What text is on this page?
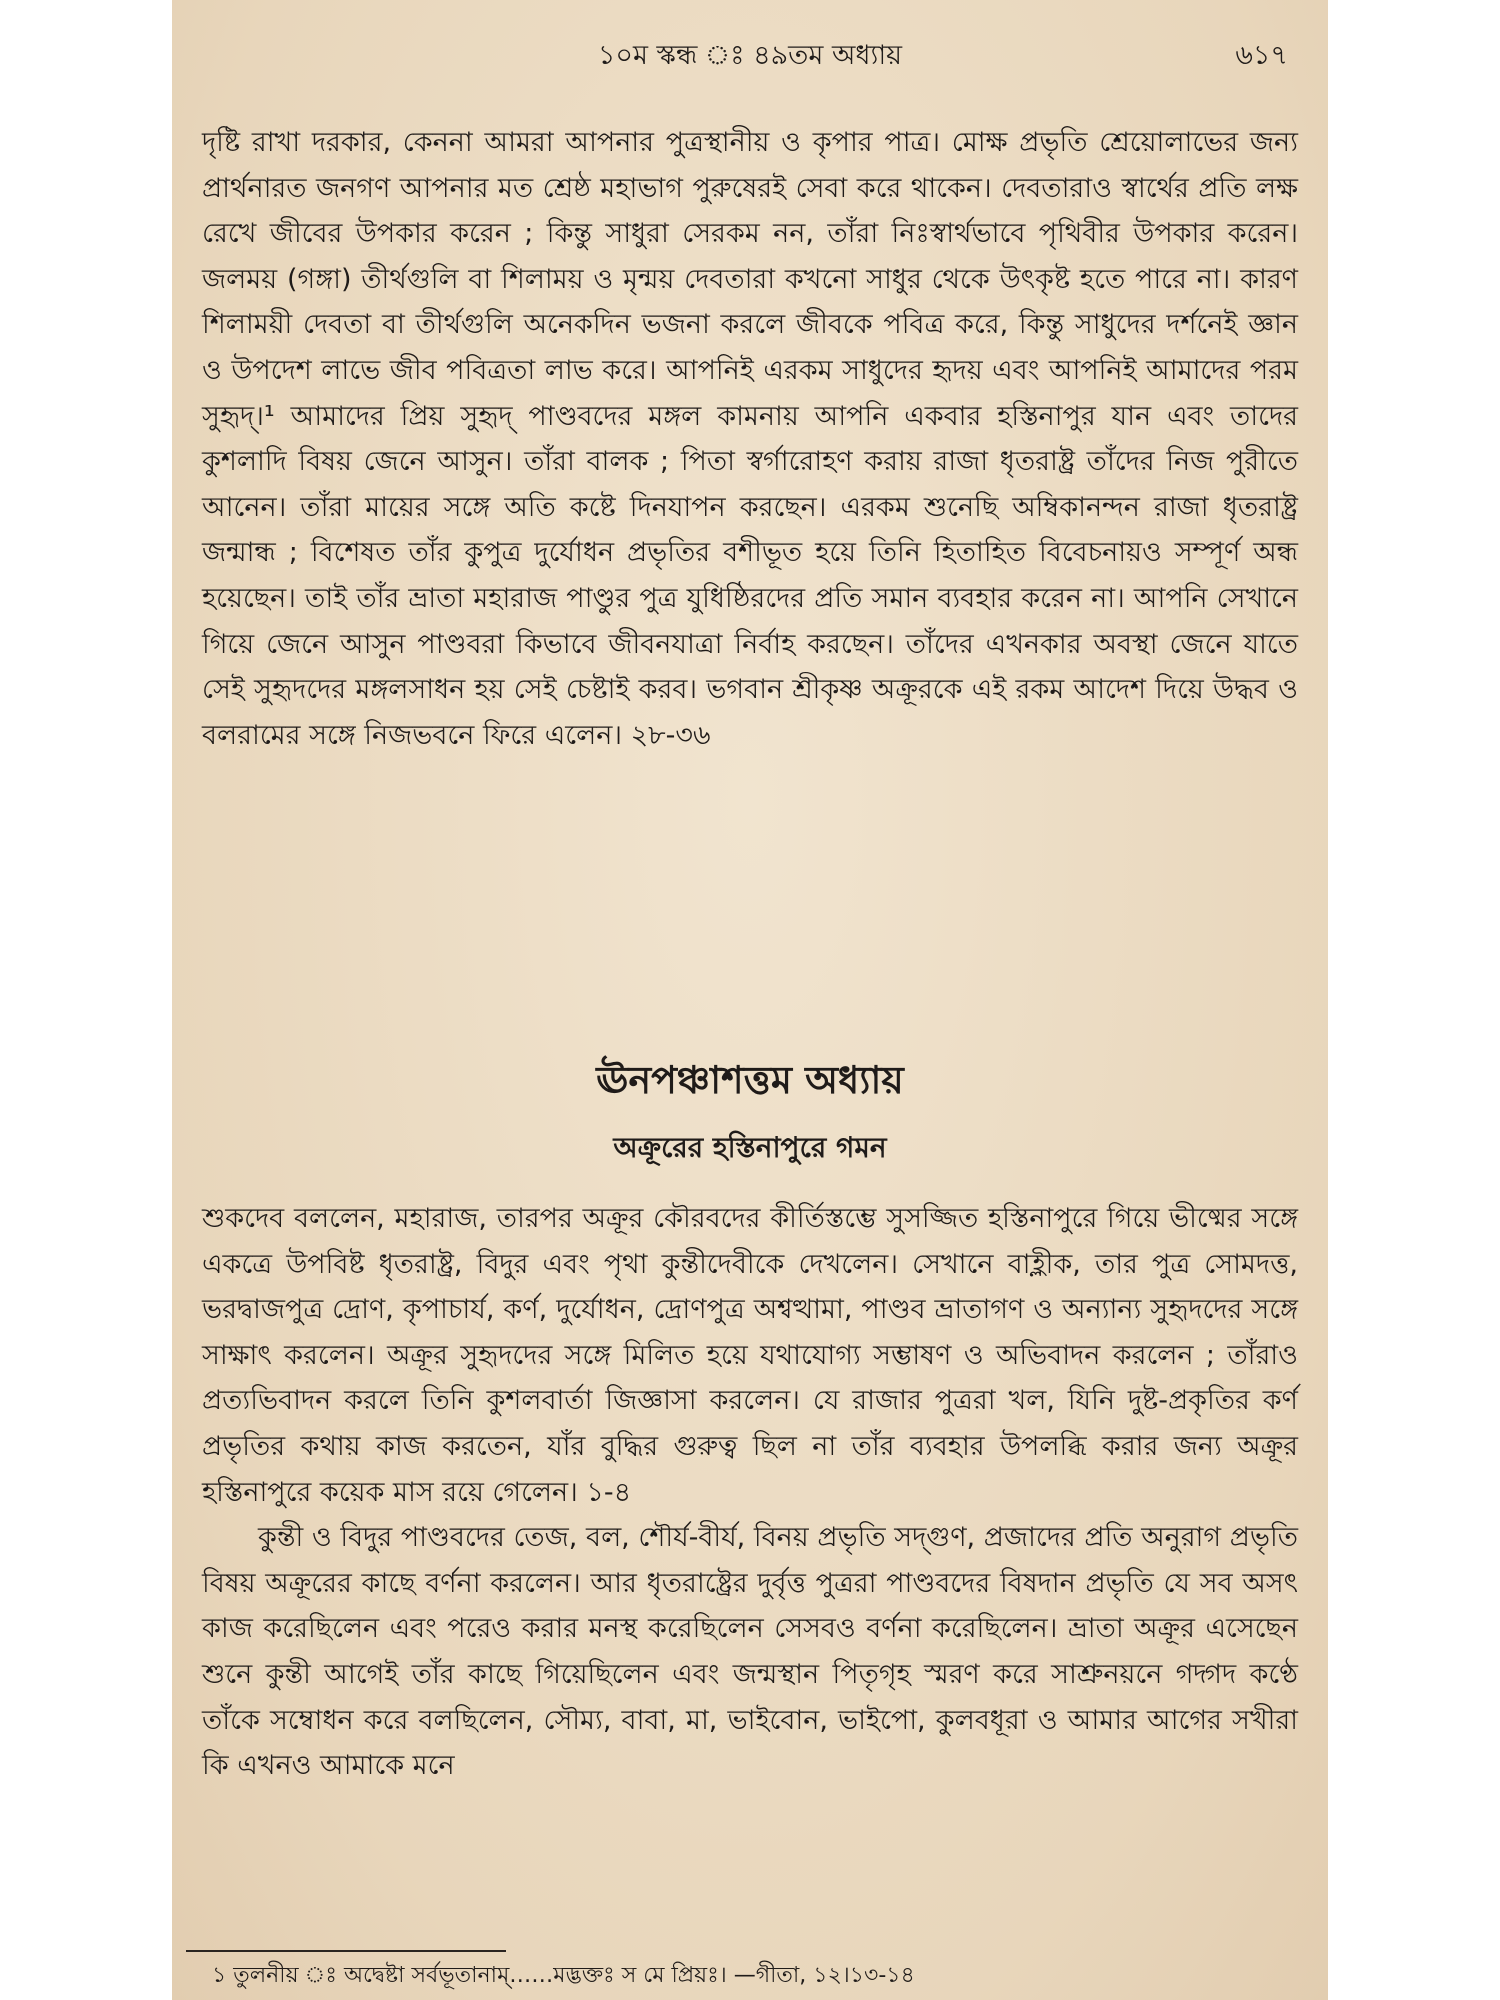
১০ম স্কন্ধ ঃ ৪৯তম অধ্যায়	৬১৭

দৃষ্টি রাখা দরকার, কেননা আমরা আপনার পুত্রস্থানীয় ও কৃপার পাত্র। মোক্ষ প্রভৃতি শ্রেয়োলাভের জন্য প্রার্থনারত জনগণ আপনার মত শ্রেষ্ঠ মহাভাগ পুরুষেরই সেবা করে থাকেন। দেবতারাও স্বার্থের প্রতি লক্ষ রেখে জীবের উপকার করেন ; কিন্তু সাধুরা সেরকম নন, তাঁরা নিঃস্বার্থভাবে পৃথিবীর উপকার করেন। জলময় (গঙ্গা) তীর্থগুলি বা শিলাময় ও মৃন্ময় দেবতারা কখনো সাধুর থেকে উৎকৃষ্ট হতে পারে না। কারণ শিলাময়ী দেবতা বা তীর্থগুলি অনেকদিন ভজনা করলে জীবকে পবিত্র করে, কিন্তু সাধুদের দর্শনেই জ্ঞান ও উপদেশ লাভে জীব পবিত্রতা লাভ করে। আপনিই এরকম সাধুদের হৃদয় এবং আপনিই আমাদের পরম সুহৃদ্।¹ আমাদের প্রিয় সুহৃদ্ পাণ্ডবদের মঙ্গল কামনায় আপনি একবার হস্তিনাপুর যান এবং তাদের কুশলাদি বিষয় জেনে আসুন। তাঁরা বালক ; পিতা স্বর্গারোহণ করায় রাজা ধৃতরাষ্ট্র তাঁদের নিজ পুরীতে আনেন। তাঁরা মায়ের সঙ্গে অতি কষ্টে দিনযাপন করছেন। এরকম শুনেছি অম্বিকানন্দন রাজা ধৃতরাষ্ট্র জন্মান্ধ ; বিশেষত তাঁর কুপুত্র দুর্যোধন প্রভৃতির বশীভূত হয়ে তিনি হিতাহিত বিবেচনায়ও সম্পূর্ণ অন্ধ হয়েছেন। তাই তাঁর ভ্রাতা মহারাজ পাণ্ডুর পুত্র যুধিষ্ঠিরদের প্রতি সমান ব্যবহার করেন না। আপনি সেখানে গিয়ে জেনে আসুন পাণ্ডবরা কিভাবে জীবনযাত্রা নির্বাহ করছেন। তাঁদের এখনকার অবস্থা জেনে যাতে সেই সুহৃদদের মঙ্গলসাধন হয় সেই চেষ্টাই করব। ভগবান শ্রীকৃষ্ণ অক্রূরকে এই রকম আদেশ দিয়ে উদ্ধব ও বলরামের সঙ্গে নিজভবনে ফিরে এলেন। ২৮-৩৬

ঊনপঞ্চাশত্তম অধ্যায়
অক্রূরের হস্তিনাপুরে গমন

শুকদেব বললেন, মহারাজ, তারপর অক্রূর কৌরবদের কীর্তিস্তম্ভে সুসজ্জিত হস্তিনাপুরে গিয়ে ভীষ্মের সঙ্গে একত্রে উপবিষ্ট ধৃতরাষ্ট্র, বিদুর এবং পৃথা কুন্তীদেবীকে দেখলেন। সেখানে বাহ্লীক, তার পুত্র সোমদত্ত, ভরদ্বাজপুত্র দ্রোণ, কৃপাচার্য, কর্ণ, দুর্যোধন, দ্রোণপুত্র অশ্বত্থামা, পাণ্ডব ভ্রাতাগণ ও অন্যান্য সুহৃদদের সঙ্গে সাক্ষাৎ করলেন। অক্রূর সুহৃদদের সঙ্গে মিলিত হয়ে যথাযোগ্য সম্ভাষণ ও অভিবাদন করলেন ; তাঁরাও প্রত্যভিবাদন করলে তিনি কুশলবার্তা জিজ্ঞাসা করলেন। যে রাজার পুত্ররা খল, যিনি দুষ্ট-প্রকৃতির কর্ণ প্রভৃতির কথায় কাজ করতেন, যাঁর বুদ্ধির গুরুত্ব ছিল না তাঁর ব্যবহার উপলব্ধি করার জন্য অক্রূর হস্তিনাপুরে কয়েক মাস রয়ে গেলেন। ১-৪

কুন্তী ও বিদুর পাণ্ডবদের তেজ, বল, শৌর্য-বীর্য, বিনয় প্রভৃতি সদ্গুণ, প্রজাদের প্রতি অনুরাগ প্রভৃতি বিষয় অক্রূরের কাছে বর্ণনা করলেন। আর ধৃতরাষ্ট্রের দুর্বৃত্ত পুত্ররা পাণ্ডবদের বিষদান প্রভৃতি যে সব অসৎ কাজ করেছিলেন এবং পরেও করার মনস্থ করেছিলেন সেসবও বর্ণনা করেছিলেন। ভ্রাতা অক্রূর এসেছেন শুনে কুন্তী আগেই তাঁর কাছে গিয়েছিলেন এবং জন্মস্থান পিতৃগৃহ স্মরণ করে সাশ্রুনয়নে গদ্গদ কণ্ঠে তাঁকে সম্বোধন করে বলছিলেন, সৌম্য, বাবা, মা, ভাইবোন, ভাইপো, কুলবধূরা ও আমার আগের সখীরা কি এখনও আমাকে মনে

১ তুলনীয় ঃ অদ্বেষ্টা সর্বভূতানাম্……মদ্ভক্তঃ স মে প্রিয়ঃ। —গীতা, ১২।১৩-১৪
